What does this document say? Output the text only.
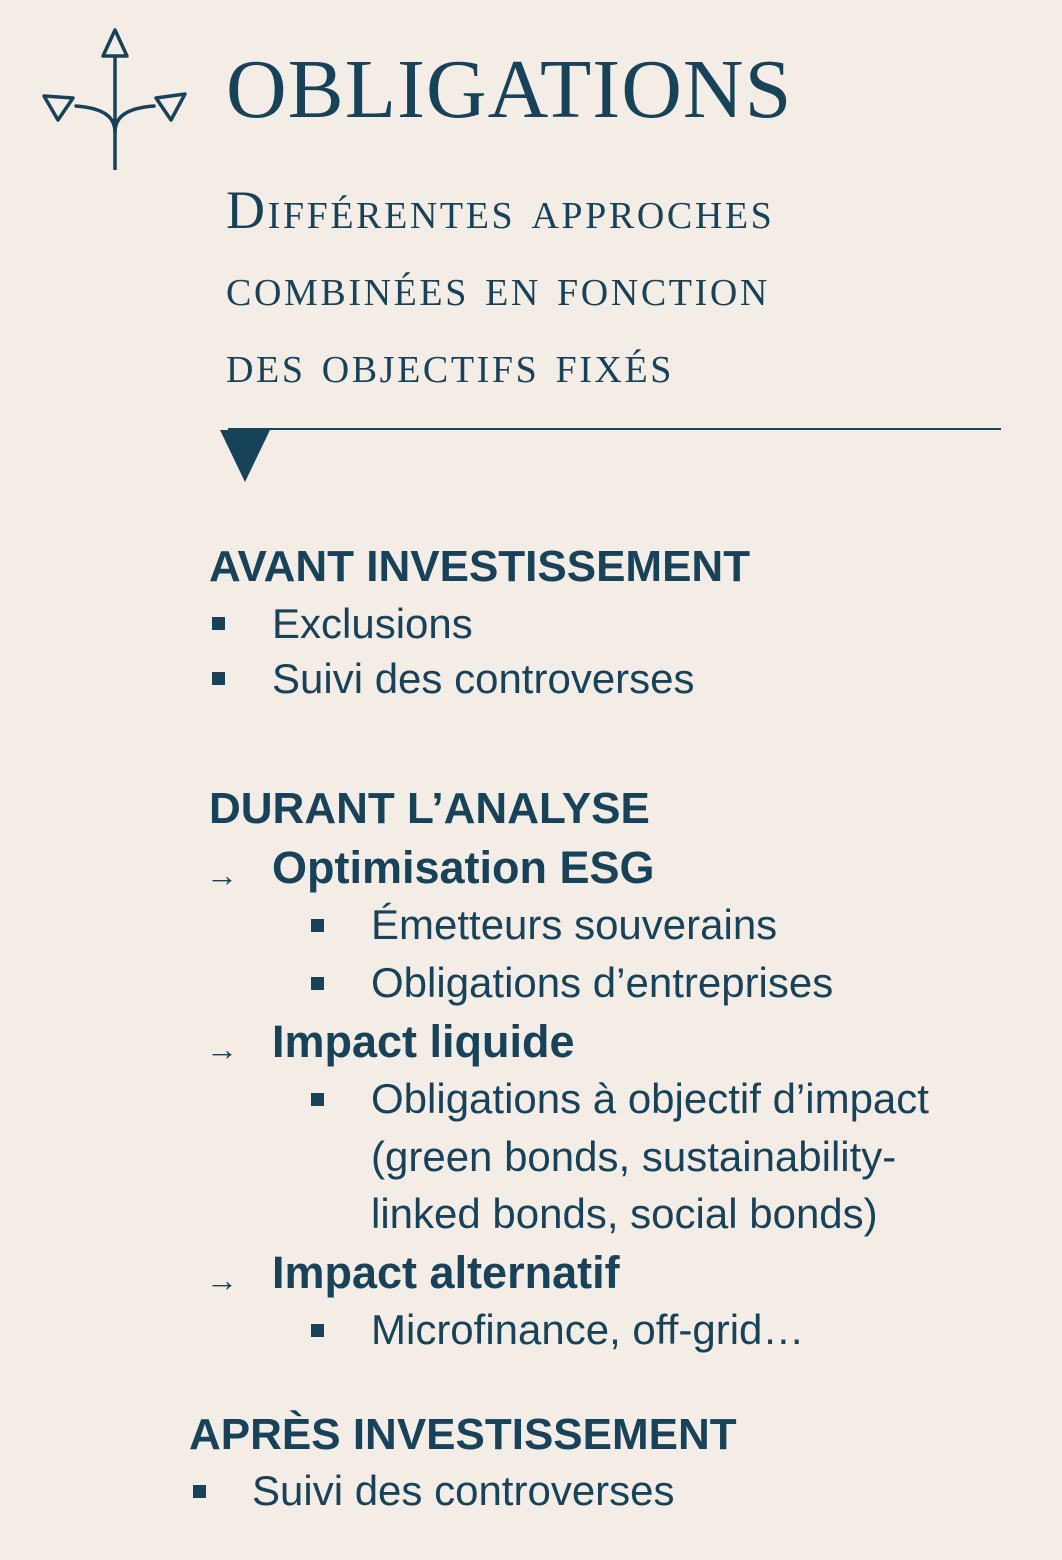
OBLIGATIONS
Différentes approches
combinées en fonction
des objectifs fixés
AVANT INVESTISSEMENT
Exclusions
Suivi des controverses
DURANT L’ANALYSE
→ Optimisation ESG
Émetteurs souverains
Obligations d’entreprises
→ Impact liquide
Obligations à objectif d’impact
(green bonds, sustainability-
linked bonds, social bonds)
→ Impact alternatif
Microfinance, off-grid…
APRÈS INVESTISSEMENT
Suivi des controverses
